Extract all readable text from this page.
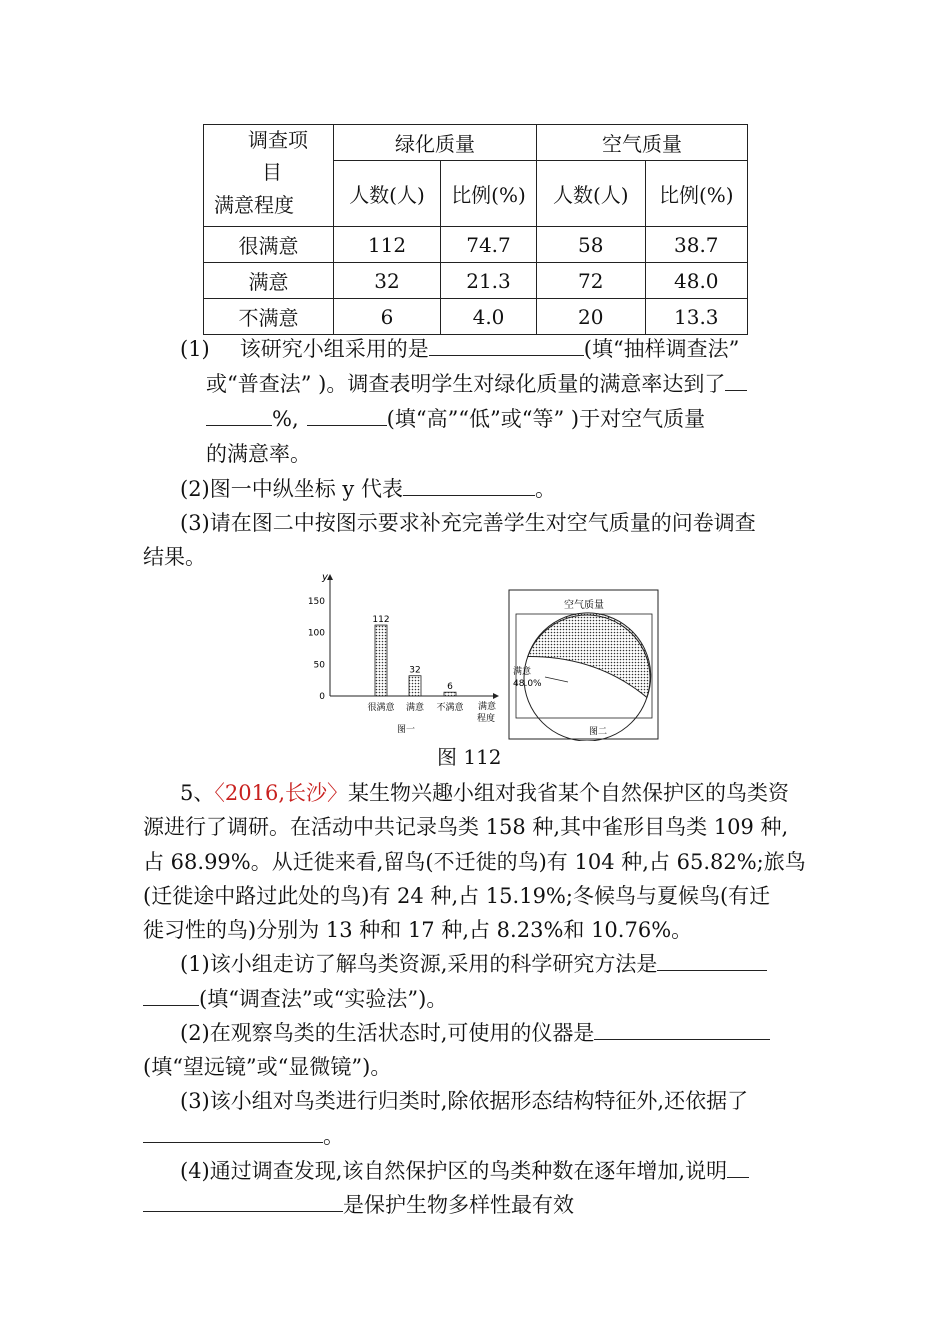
调查项
目
满意程度	绿化质量		空气质量	
	人数(人)	比例(%)	人数(人)	比例(%)
很满意	112	74.7	58	38.7
满意	32	21.3	72	48.0
不满意	6	4.0	20	13.3
(1) 该研究小组采用的是	(填“抽样调查法”
或“普查法” )。调查表明学生对绿化质量的满意率达到了
%,	(填“高”“低”或“等” )于对空气质量
的满意率。
(2)图一中纵坐标 y 代表	。
(3)请在图二中按图示要求补充完善学生对空气质量的问卷调查
结果。
y
150
100
50
0
112
32
6
很满意 满意 不满意 满意程度
图一
空气质量
满意
48.0%
图二
图 112
5、〈2016,长沙〉某生物兴趣小组对我省某个自然保护区的鸟类资
源进行了调研。在活动中共记录鸟类 158 种,其中雀形目鸟类 109 种,
占 68.99%。从迁徙来看,留鸟(不迁徙的鸟)有 104 种,占 65.82%;旅鸟
(迁徙途中路过此处的鸟)有 24 种,占 15.19%;冬候鸟与夏候鸟(有迁
徙习性的鸟)分别为 13 种和 17 种,占 8.23%和 10.76%。
(1)该小组走访了解鸟类资源,采用的科学研究方法是
(填“调查法”或“实验法”)。
(2)在观察鸟类的生活状态时,可使用的仪器是
(填“望远镜”或“显微镜”)。
(3)该小组对鸟类进行归类时,除依据形态结构特征外,还依据了
。
(4)通过调查发现,该自然保护区的鸟类种数在逐年增加,说明
是保护生物多样性最有效
